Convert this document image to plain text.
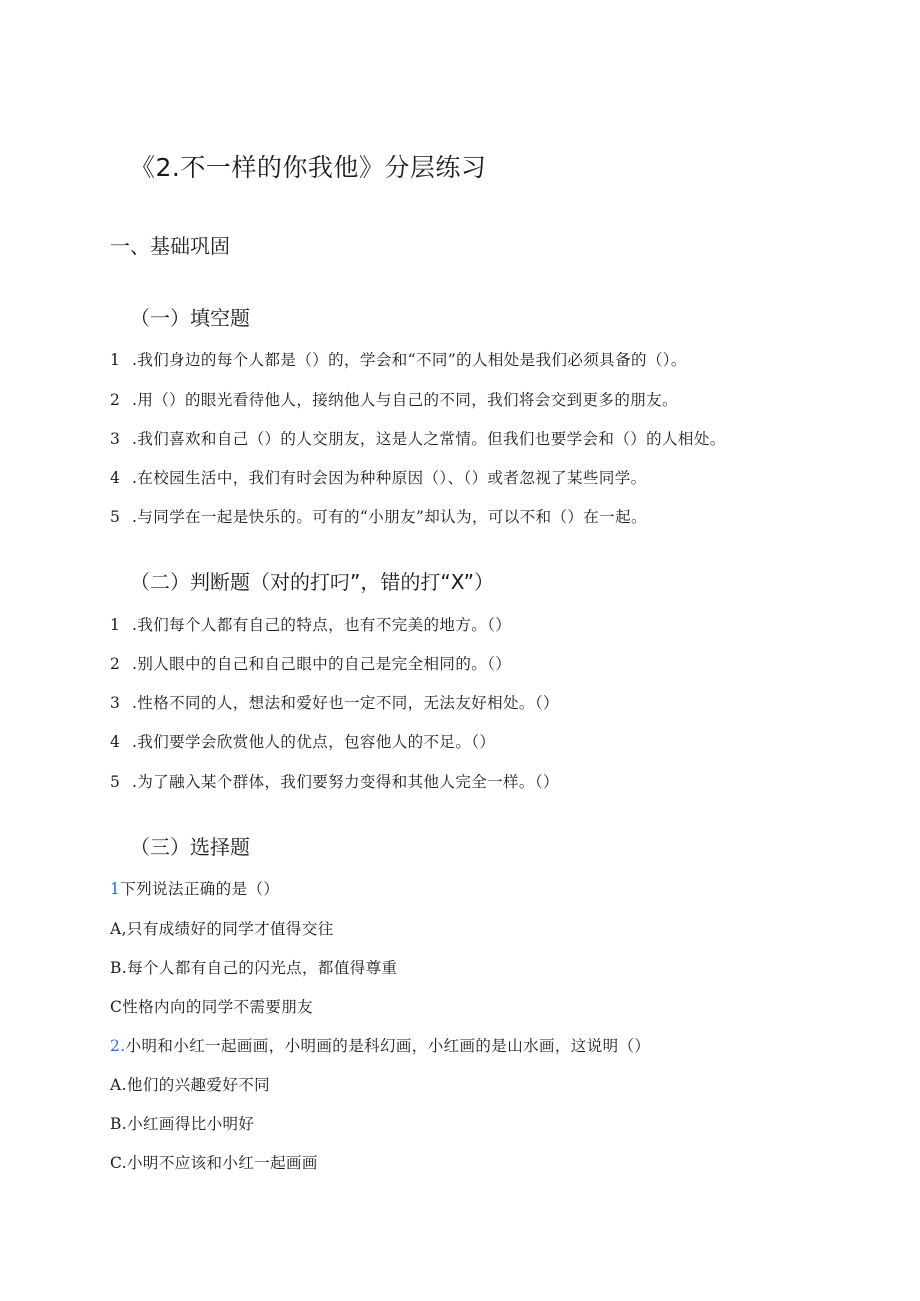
《2.不一样的你我他》分层练习
一、基础巩固
（一）填空题
1 .我们身边的每个人都是（）的，学会和“不同”的人相处是我们必须具备的（）。
2 .用（）的眼光看待他人，接纳他人与自己的不同，我们将会交到更多的朋友。
3 .我们喜欢和自己（）的人交朋友，这是人之常情。但我们也要学会和（）的人相处。
4 .在校园生活中，我们有时会因为种种原因（）、（）或者忽视了某些同学。
5 .与同学在一起是快乐的。可有的“小朋友”却认为，可以不和（）在一起。
（二）判断题（对的打叼”，错的打“X”）
1 .我们每个人都有自己的特点，也有不完美的地方。（）
2 .别人眼中的自己和自己眼中的自己是完全相同的。（）
3 .性格不同的人，想法和爱好也一定不同，无法友好相处。（）
4 .我们要学会欣赏他人的优点，包容他人的不足。（）
5 .为了融入某个群体，我们要努力变得和其他人完全一样。（）
（三）选择题
1下列说法正确的是（）
A,只有成绩好的同学才值得交往
B.每个人都有自己的闪光点，都值得尊重
C性格内向的同学不需要朋友
2.小明和小红一起画画，小明画的是科幻画，小红画的是山水画，这说明（）
A.他们的兴趣爱好不同
B.小红画得比小明好
C.小明不应该和小红一起画画
